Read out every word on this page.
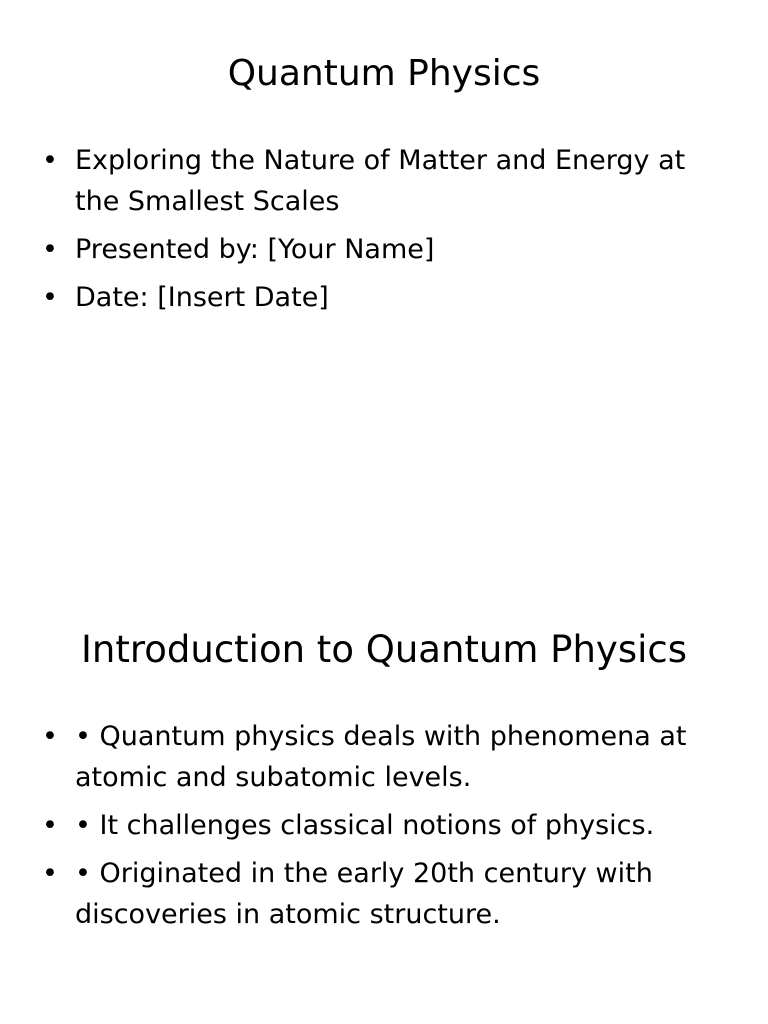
Quantum Physics
• Exploring the Nature of Matter and Energy at the Smallest Scales
• Presented by: [Your Name]
• Date: [Insert Date]
Introduction to Quantum Physics
• • Quantum physics deals with phenomena at atomic and subatomic levels.
• • It challenges classical notions of physics.
• • Originated in the early 20th century with discoveries in atomic structure.
